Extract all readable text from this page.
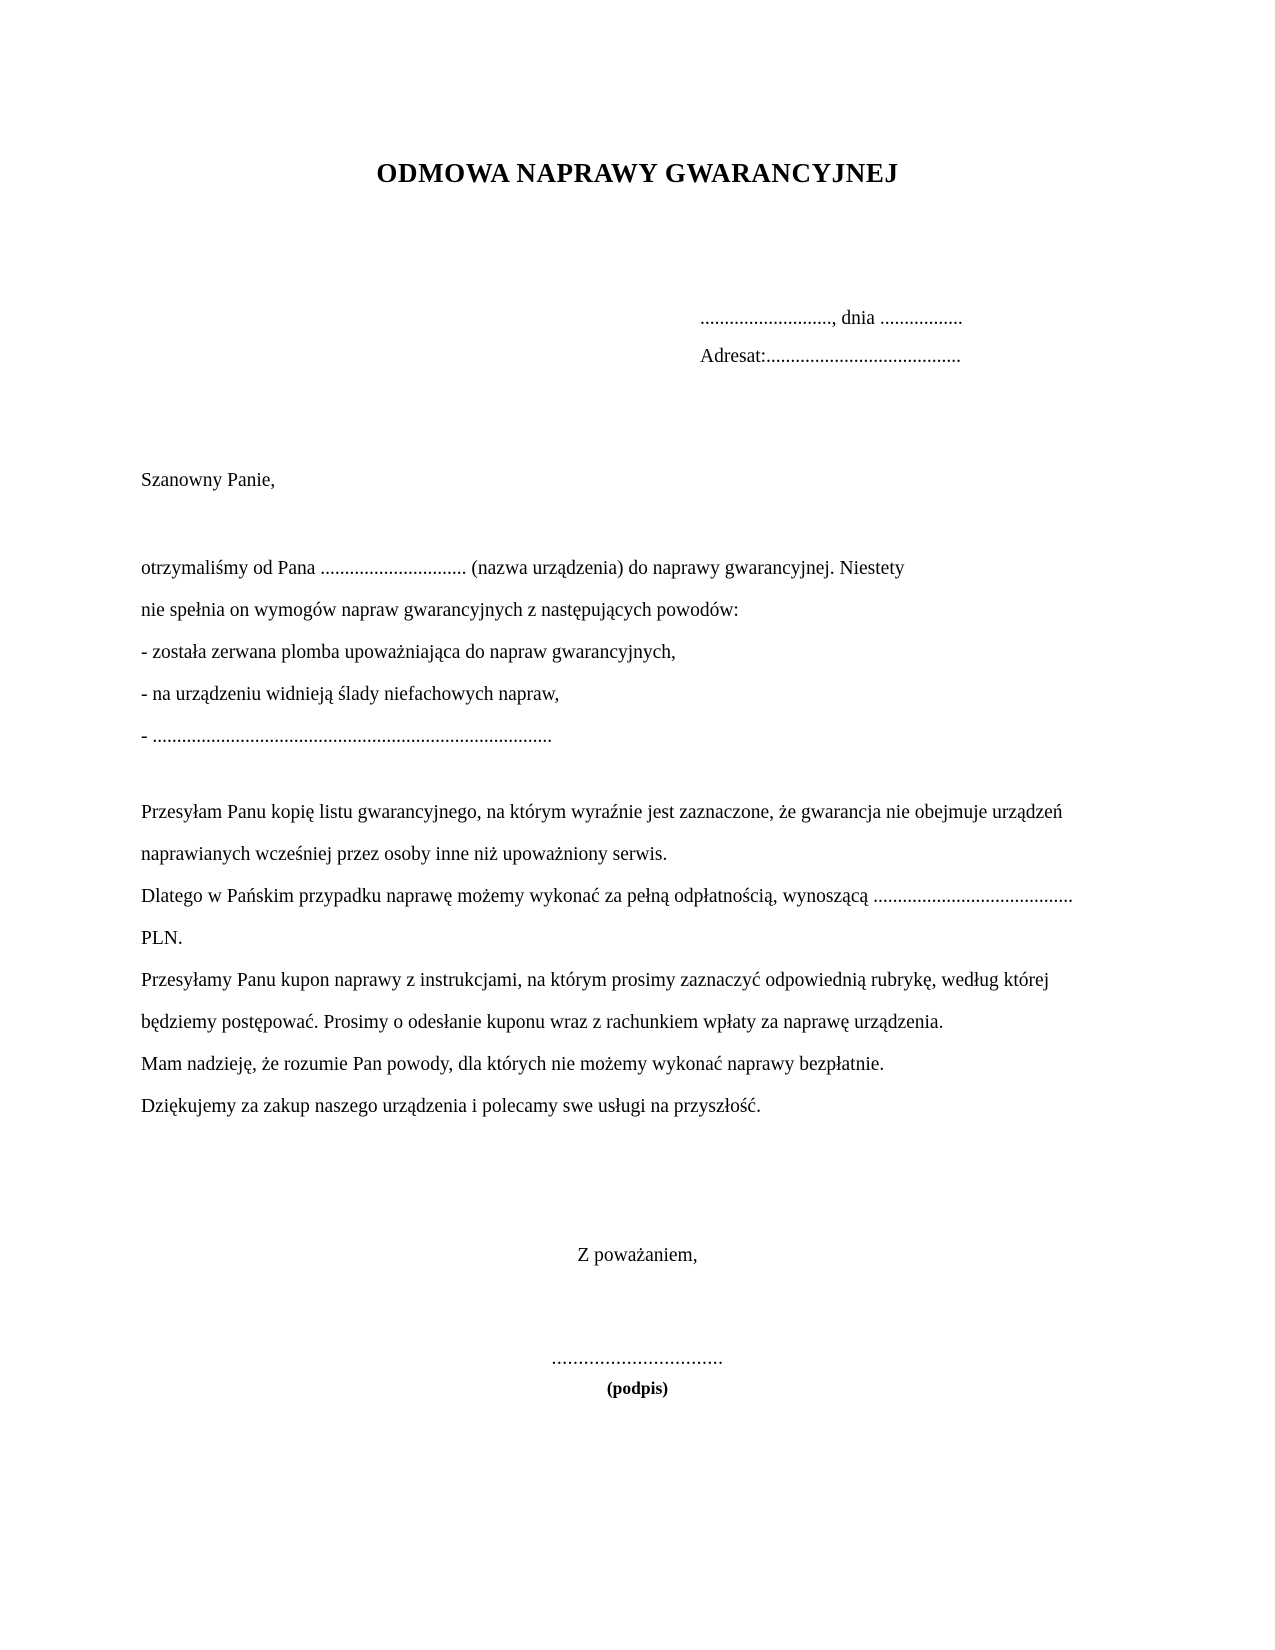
ODMOWA NAPRAWY GWARANCYJNEJ
..........................., dnia .................
Adresat:........................................
Szanowny Panie,

otrzymaliśmy od Pana .............................. (nazwa urządzenia) do naprawy gwarancyjnej. Niestety

nie spełnia on wymogów napraw gwarancyjnych z następujących powodów:

- została zerwana plomba upoważniająca do napraw gwarancyjnych,

- na urządzeniu widnieją ślady niefachowych napraw,

- ..................................................................................

Przesyłam Panu kopię listu gwarancyjnego, na którym wyraźnie jest zaznaczone, że gwarancja nie obejmuje urządzeń naprawianych wcześniej przez osoby inne niż upoważniony serwis.

Dlatego w Pańskim przypadku naprawę możemy wykonać za pełną odpłatnością, wynoszącą ......................................... PLN.

Przesyłamy Panu kupon naprawy z instrukcjami, na którym prosimy zaznaczyć odpowiednią rubrykę, według której będziemy postępować. Prosimy o odesłanie kuponu wraz z rachunkiem wpłaty za naprawę urządzenia.

Mam nadzieję, że rozumie Pan powody, dla których nie możemy wykonać naprawy bezpłatnie.

Dziękujemy za zakup naszego urządzenia i polecamy swe usługi na przyszłość.

Z poważaniem,
................................
(podpis)
